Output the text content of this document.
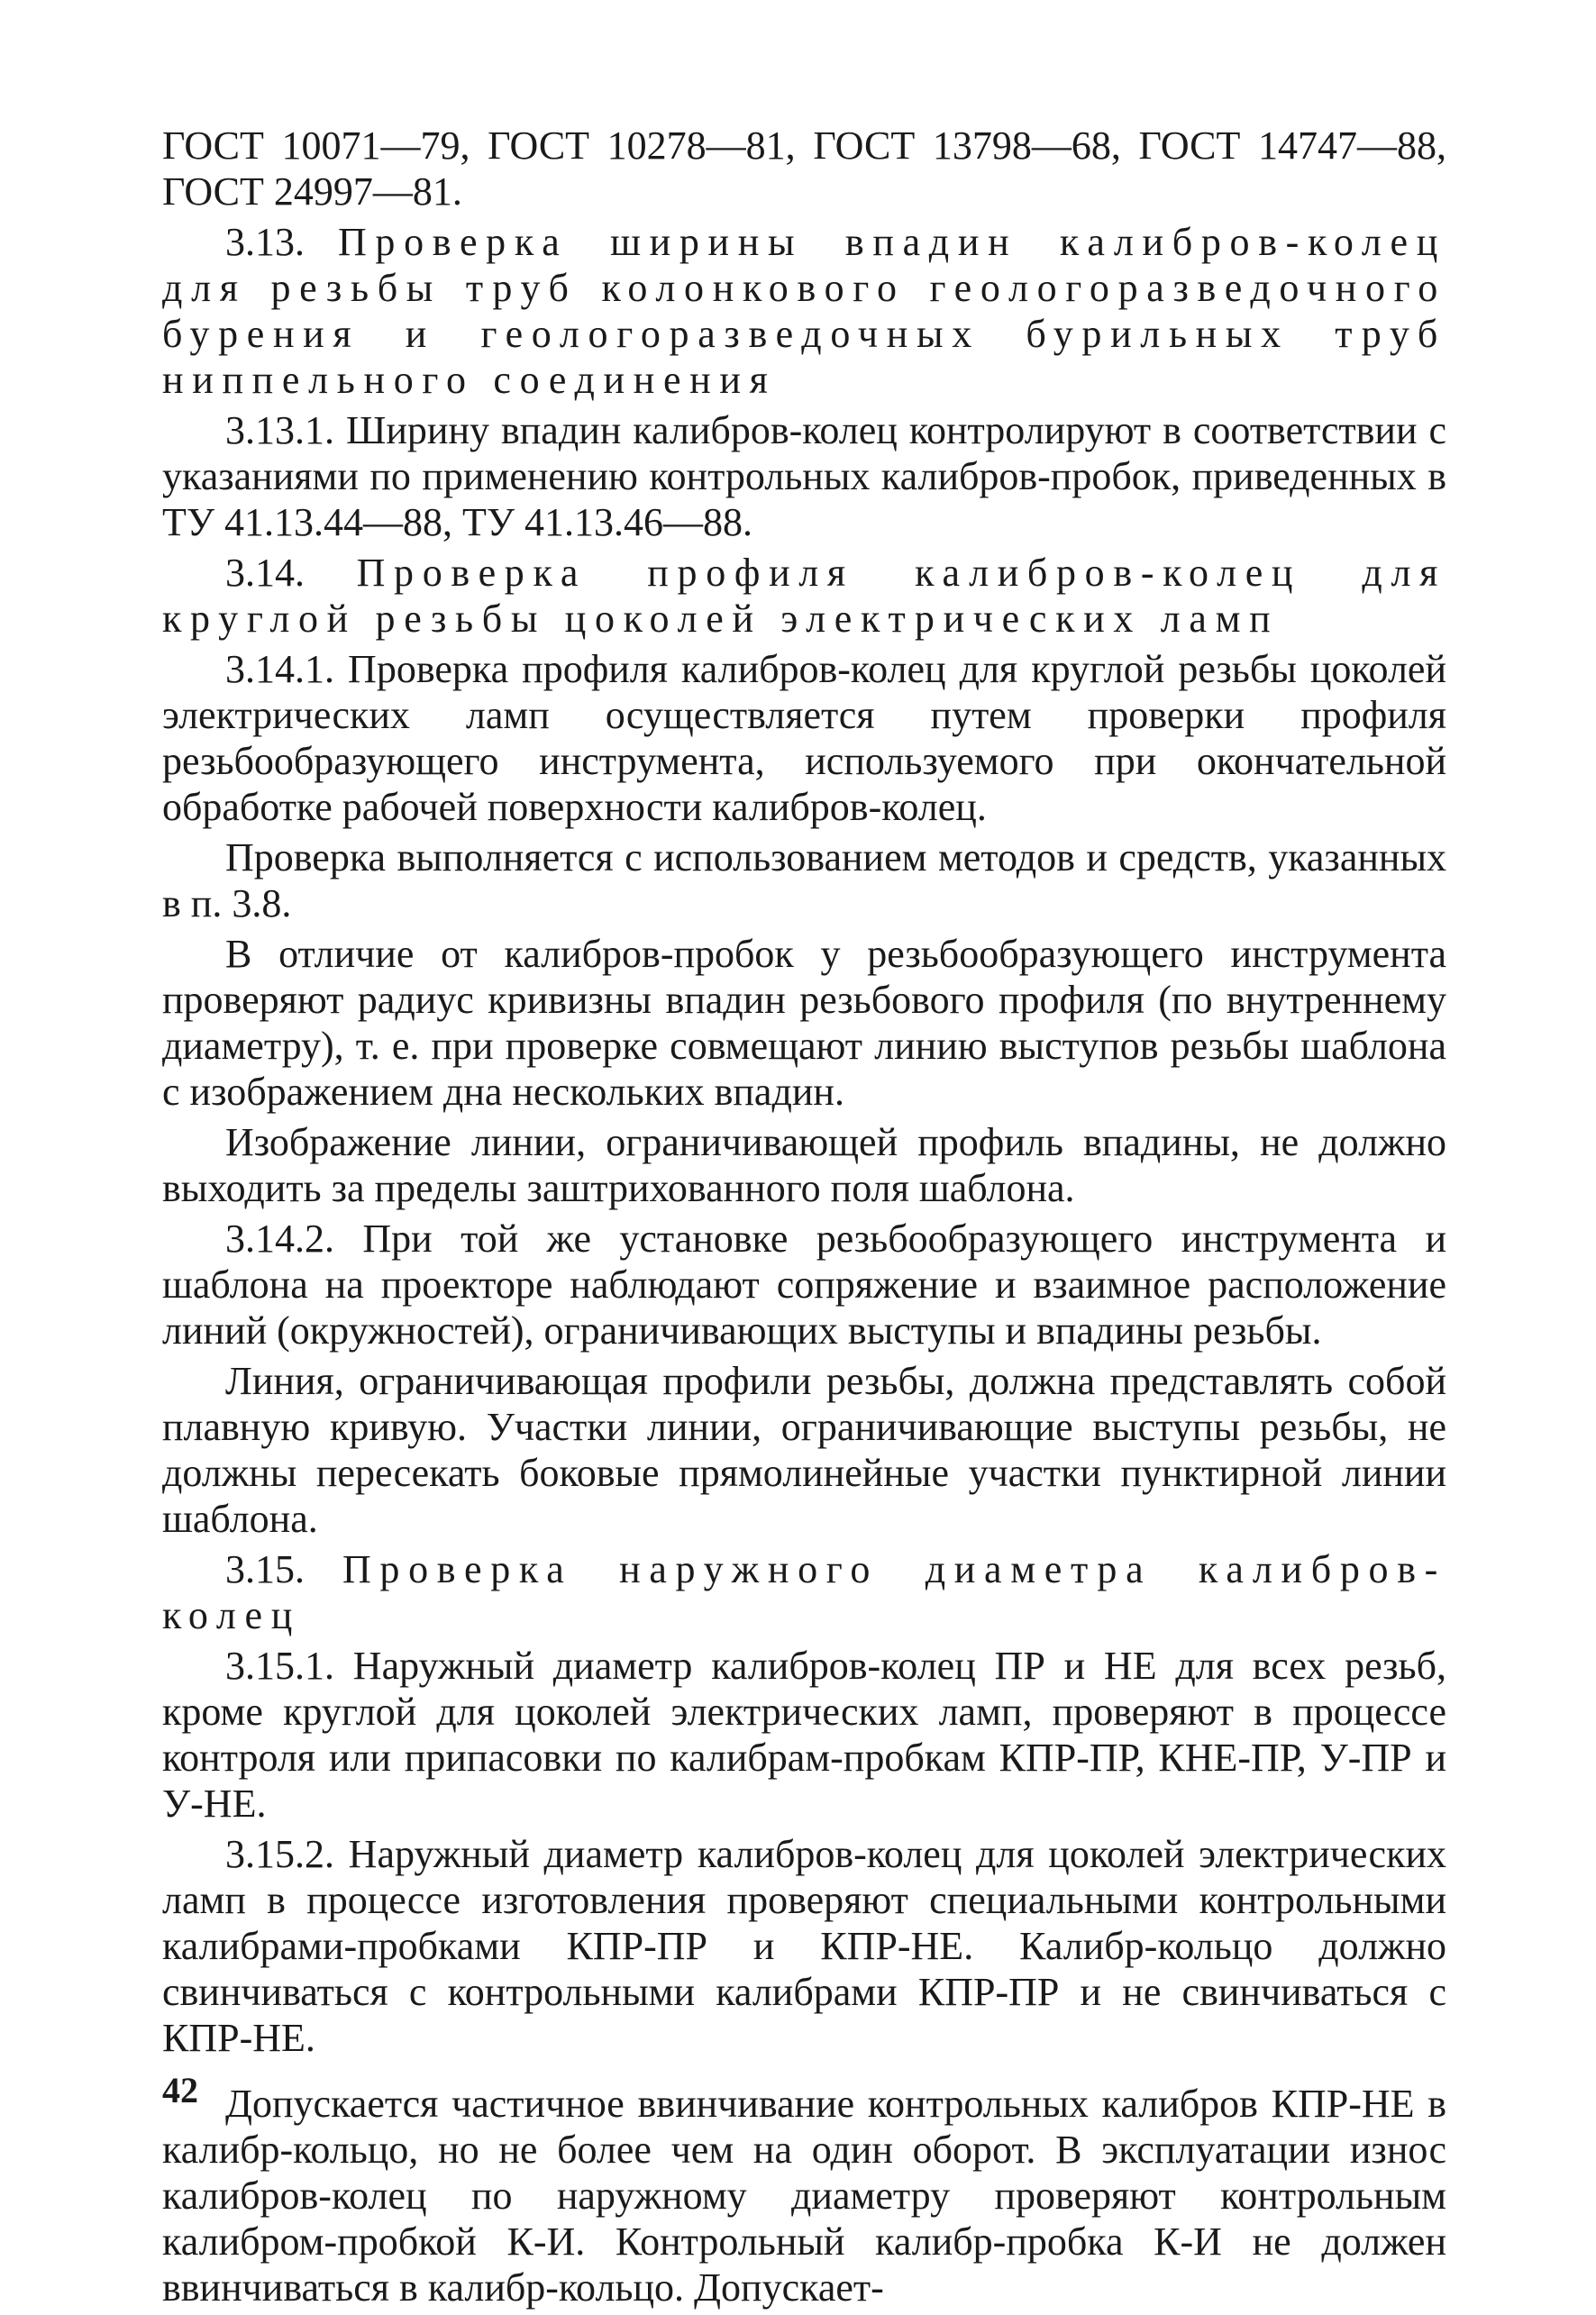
ГОСТ 10071—79, ГОСТ 10278—81, ГОСТ 13798—68, ГОСТ 14747—88, ГОСТ 24997—81.

3.13. Проверка ширины впадин калибров-колец для резьбы труб колонкового геологоразведочного бурения и геологоразведочных бурильных труб ниппельного соединения

3.13.1. Ширину впадин калибров-колец контролируют в соответствии с указаниями по применению контрольных калибров-пробок, приведенных в ТУ 41.13.44—88, ТУ 41.13.46—88.

3.14. Проверка профиля калибров-колец для круглой резьбы цоколей электрических ламп

3.14.1. Проверка профиля калибров-колец для круглой резьбы цоколей электрических ламп осуществляется путем проверки профиля резьбообразующего инструмента, используемого при окончательной обработке рабочей поверхности калибров-колец.

Проверка выполняется с использованием методов и средств, указанных в п. 3.8.

В отличие от калибров-пробок у резьбообразующего инструмента проверяют радиус кривизны впадин резьбового профиля (по внутреннему диаметру), т. е. при проверке совмещают линию выступов резьбы шаблона с изображением дна нескольких впадин.

Изображение линии, ограничивающей профиль впадины, не должно выходить за пределы заштрихованного поля шаблона.

3.14.2. При той же установке резьбообразующего инструмента и шаблона на проекторе наблюдают сопряжение и взаимное расположение линий (окружностей), ограничивающих выступы и впадины резьбы.

Линия, ограничивающая профили резьбы, должна представлять собой плавную кривую. Участки линии, ограничивающие выступы резьбы, не должны пересекать боковые прямолинейные участки пунктирной линии шаблона.

3.15. Проверка наружного диаметра калибров-колец

3.15.1. Наружный диаметр калибров-колец ПР и НЕ для всех резьб, кроме круглой для цоколей электрических ламп, проверяют в процессе контроля или припасовки по калибрам-пробкам КПР-ПР, КНЕ-ПР, У-ПР и У-НЕ.

3.15.2. Наружный диаметр калибров-колец для цоколей электрических ламп в процессе изготовления проверяют специальными контрольными калибрами-пробками КПР-ПР и КПР-НЕ. Калибр-кольцо должно свинчиваться с контрольными калибрами КПР-ПР и не свинчиваться с КПР-НЕ.

Допускается частичное ввинчивание контрольных калибров КПР-НЕ в калибр-кольцо, но не более чем на один оборот. В эксплуатации износ калибров-колец по наружному диаметру проверяют контрольным калибром-пробкой К-И. Контрольный калибр-пробка К-И не должен ввинчиваться в калибр-кольцо. Допускает-

42
